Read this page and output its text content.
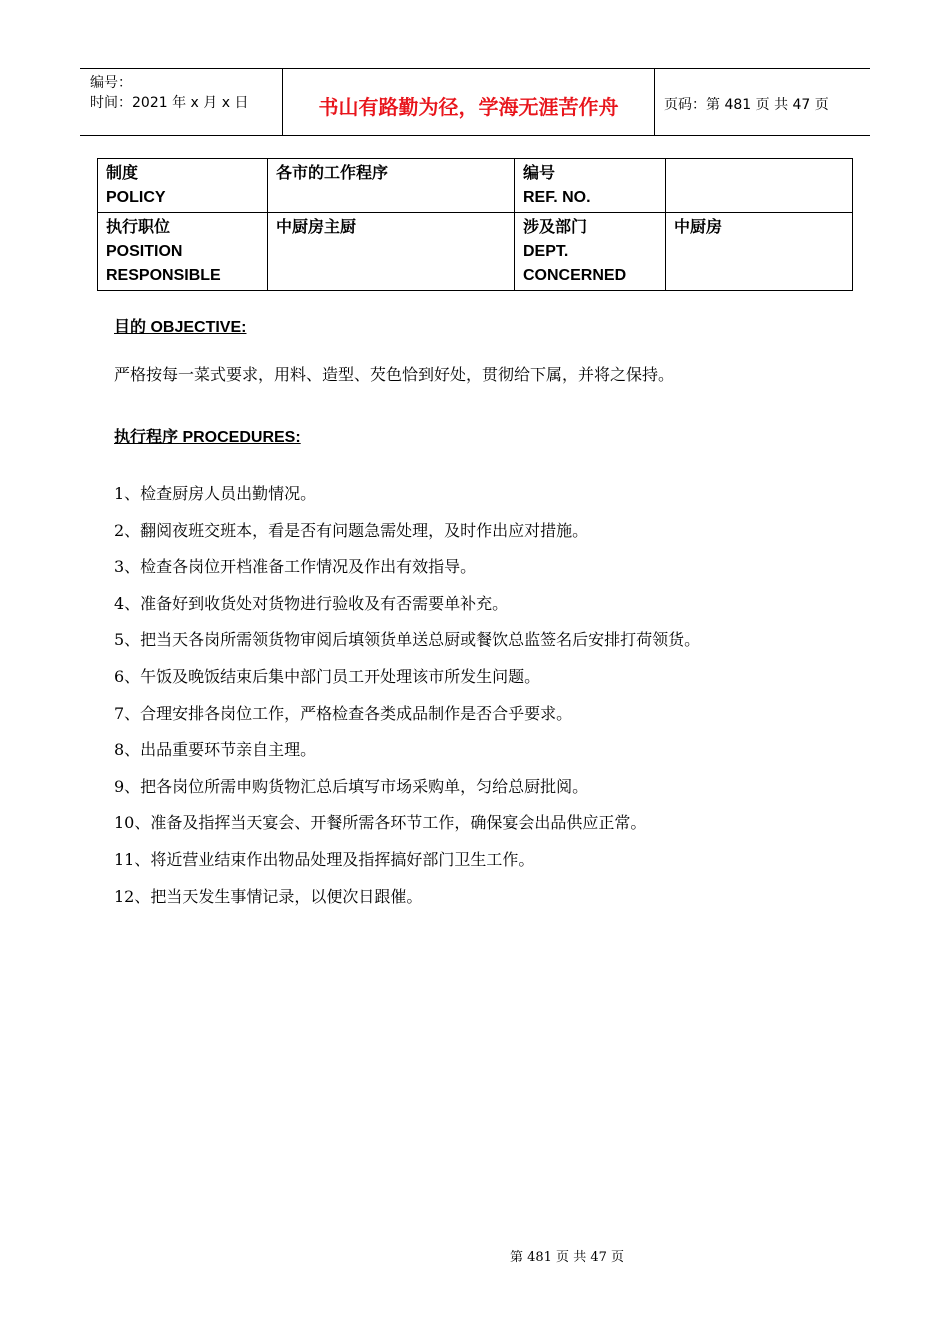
编号：
时间：2021 年 x 月 x 日	书山有路勤为径，学海无涯苦作舟	页码：第 481 页 共 47 页
制度
POLICY	各市的工作程序	编号
REF. NO.	

执行职位
POSITION
RESPONSIBLE	中厨房主厨	涉及部门
DEPT.
CONCERNED	中厨房
目的 OBJECTIVE:
严格按每一菜式要求，用料、造型、芡色恰到好处，贯彻给下属，并将之保持。
执行程序 PROCEDURES:
1、检查厨房人员出勤情况。
2、翻阅夜班交班本，看是否有问题急需处理，及时作出应对措施。
3、检查各岗位开档准备工作情况及作出有效指导。
4、准备好到收货处对货物进行验收及有否需要单补充。
5、把当天各岗所需领货物审阅后填领货单送总厨或餐饮总监签名后安排打荷领货。
6、午饭及晚饭结束后集中部门员工开处理该市所发生问题。
7、合理安排各岗位工作，严格检查各类成品制作是否合乎要求。
8、出品重要环节亲自主理。
9、把各岗位所需申购货物汇总后填写市场采购单，匀给总厨批阅。
10、准备及指挥当天宴会、开餐所需各环节工作，确保宴会出品供应正常。
11、将近营业结束作出物品处理及指挥搞好部门卫生工作。
12、把当天发生事情记录，以便次日跟催。
第 481 页 共 47 页
